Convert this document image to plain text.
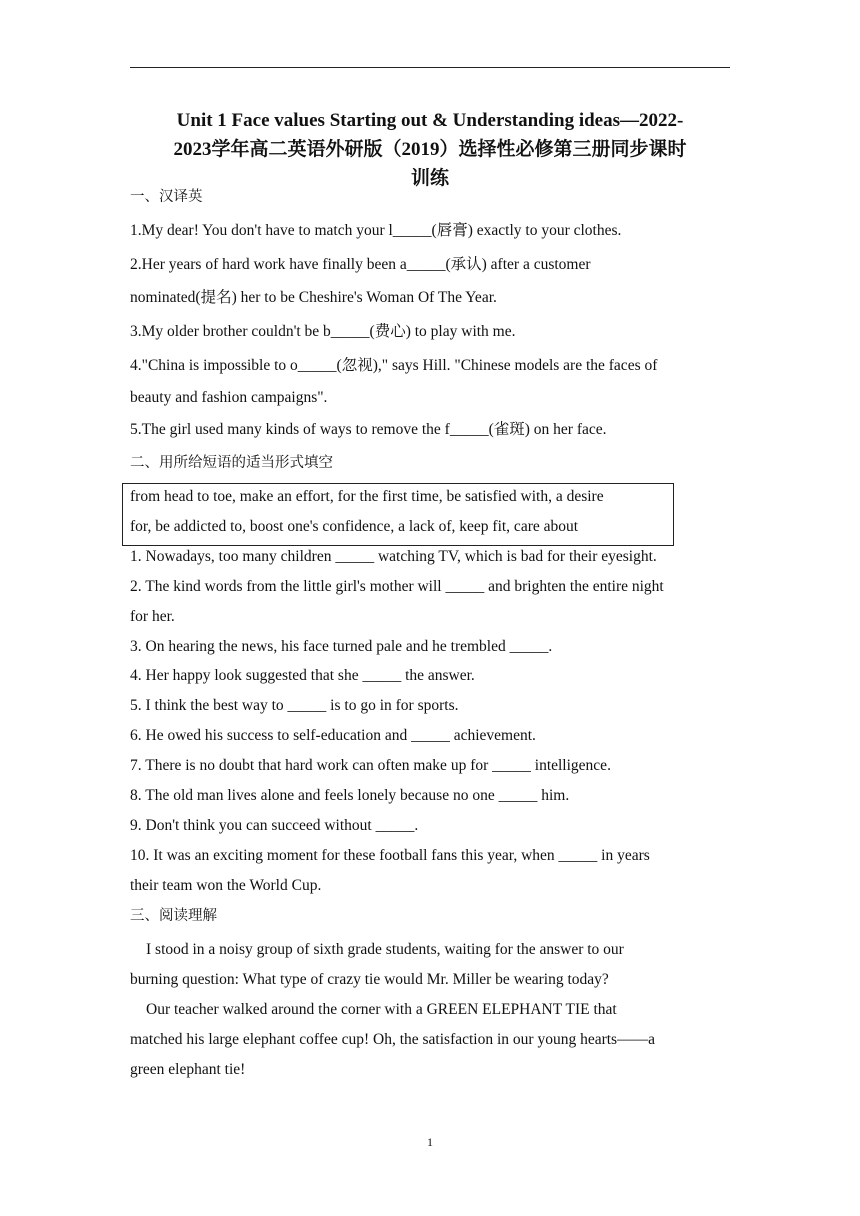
Unit 1 Face values Starting out & Understanding ideas—2022-
2023学年高二英语外研版（2019）选择性必修第三册同步课时
训练
一、汉译英
1.My dear! You don't have to match your l_____(唇膏) exactly to your clothes.
2.Her years of hard work have finally been a_____(承认) after a customer
nominated(提名) her to be Cheshire's Woman Of The Year.
3.My older brother couldn't be b_____(费心) to play with me.
4."China is impossible to o_____(忽视)," says Hill. "Chinese models are the faces of
beauty and fashion campaigns".
5.The girl used many kinds of ways to remove the f_____(雀斑) on her face.
二、用所给短语的适当形式填空
from head to toe, make an effort, for the first time, be satisfied with, a desire
for, be addicted to, boost one's confidence, a lack of, keep fit, care about
1. Nowadays, too many children _____ watching TV, which is bad for their eyesight.
2. The kind words from the little girl's mother will _____ and brighten the entire night
for her.
3. On hearing the news, his face turned pale and he trembled _____.
4. Her happy look suggested that she _____ the answer.
5. I think the best way to _____ is to go in for sports.
6. He owed his success to self-education and _____ achievement.
7. There is no doubt that hard work can often make up for _____ intelligence.
8. The old man lives alone and feels lonely because no one _____ him.
9. Don't think you can succeed without _____.
10. It was an exciting moment for these football fans this year, when _____ in years
their team won the World Cup.
三、阅读理解
I stood in a noisy group of sixth grade students, waiting for the answer to our
burning question: What type of crazy tie would Mr. Miller be wearing today?
Our teacher walked around the corner with a GREEN ELEPHANT TIE that
matched his large elephant coffee cup! Oh, the satisfaction in our young hearts——a
green elephant tie!
1
